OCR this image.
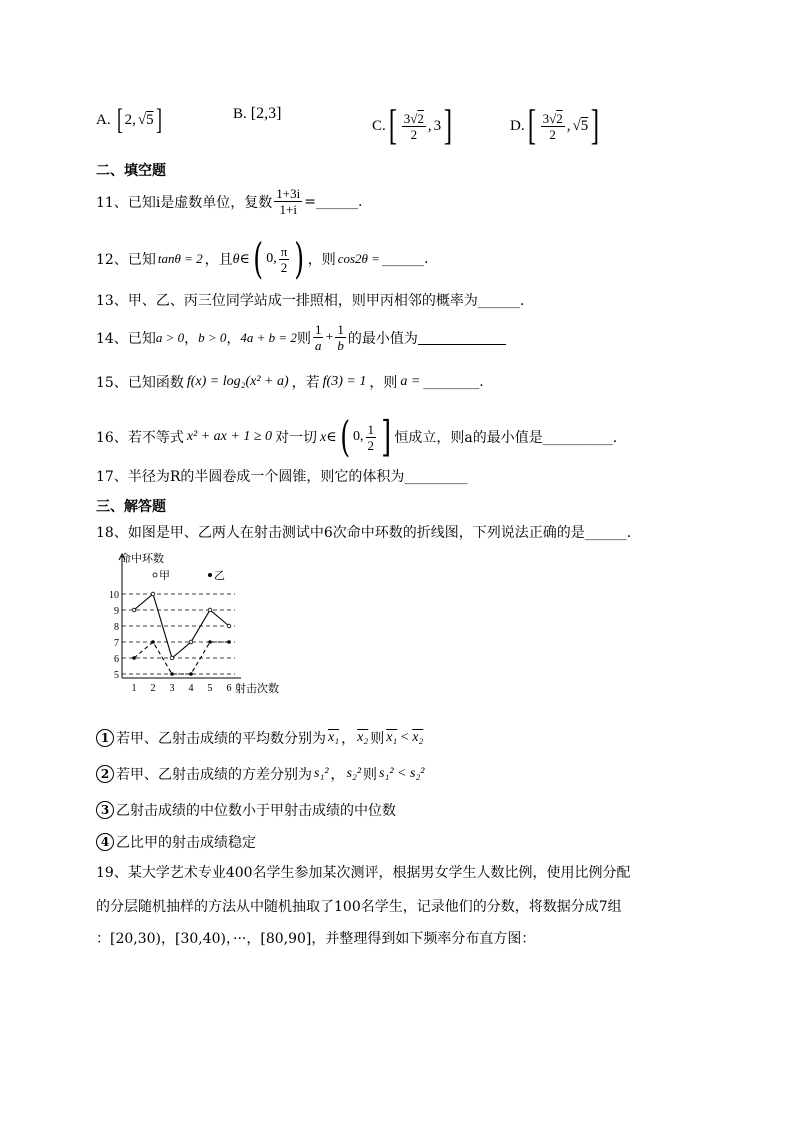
A. [ 2 , √5 ]	B. [2,3]
C. [ $\frac{3√2}{2}$ , 3 ]	D. [ $\frac{3√2}{2}$ , √5 ]
二、填空题
11、已知i是虚数单位，复数 $\frac{1+3i}{1+i}$ =______.
12、已知 tanθ = 2 ，且 θ∈ ( 0, $\frac{\pi}{2}$ ) ，则 cos2θ = ______.
13、甲、乙、丙三位同学站成一排照相，则甲丙相邻的概率为______.
14、已知 a > 0 ， b > 0 ， 4a + b = 2 则 $\frac{1}{a} + \frac{1}{b}$ 的最小值为
15、已知函数 f(x) = log₂(x² + a) ，若 f(3) = 1 ，则 a = ________.
16、若不等式 x² + ax + 1 ≥ 0 对一切 x∈ ( 0, $\frac{1}{2}$ ] 恒成立，则a的最小值是__________.
17、半径为R的半圆卷成一个圆锥，则它的体积为_________
三、解答题
18、如图是甲、乙两人在射击测试中6次命中环数的折线图，下列说法正确的是______.
5
6
7
8
9
10
1 2 3 4 5 6
命中环数
射击次数
甲	乙
1 若甲、乙射击成绩的平均数分别为 x₁ ， x₂ 则 x₁ < x₂
2 若甲、乙射击成绩的方差分别为 s₁² ， s₂² 则 s₁² < s₂²
3 乙射击成绩的中位数小于甲射击成绩的中位数
4 乙比甲的射击成绩稳定
19、某大学艺术专业400名学生参加某次测评，根据男女学生人数比例，使用比例分配
的分层随机抽样的方法从中随机抽取了100名学生，记录他们的分数，将数据分成7组
：[20,30)，[30,40)，···，[80,90]，并整理得到如下频率分布直方图：
